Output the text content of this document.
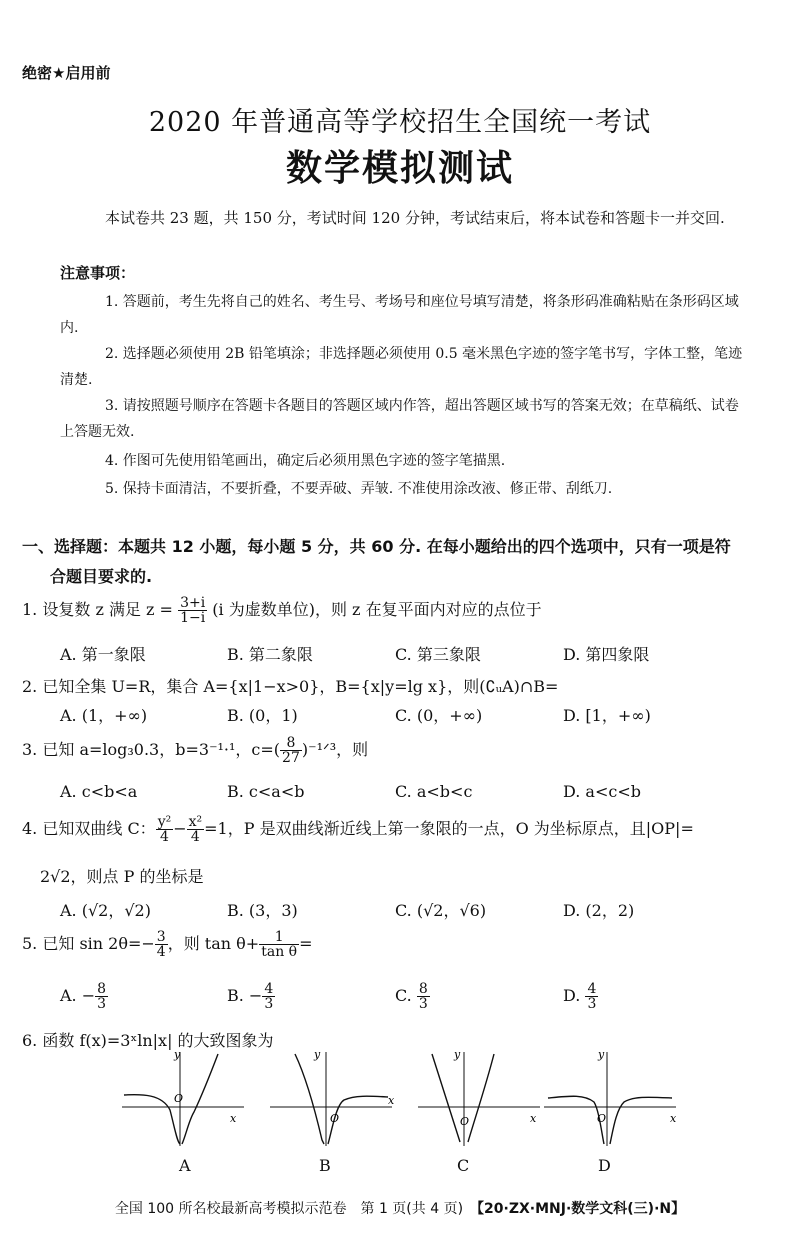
绝密★启用前
2020 年普通高等学校招生全国统一考试
数学模拟测试
本试卷共 23 题，共 150 分，考试时间 120 分钟，考试结束后，将本试卷和答题卡一并交回.
注意事项：
1. 答题前，考生先将自己的姓名、考生号、考场号和座位号填写清楚，将条形码准确粘贴在条形码区域内.
2. 选择题必须使用 2B 铅笔填涂；非选择题必须使用 0.5 毫米黑色字迹的签字笔书写，字体工整，笔迹清楚.
3. 请按照题号顺序在答题卡各题目的答题区域内作答，超出答题区域书写的答案无效；在草稿纸、试卷上答题无效.
4. 作图可先使用铅笔画出，确定后必须用黑色字迹的签字笔描黑.
5. 保持卡面清洁，不要折叠，不要弄破、弄皱. 不准使用涂改液、修正带、刮纸刀.
一、选择题：本题共 12 小题，每小题 5 分，共 60 分. 在每小题给出的四个选项中，只有一项是符
合题目要求的.
1. 设复数 z 满足 $z = \frac{3+i}{1-i} (i$ 为虚数单位)，则 z 在复平面内对应的点位于
A. 第一象限	B. 第二象限	C. 第三象限	D. 第四象限
2. 已知全集 U=R，集合 A={x|1−x>0}，B={x|y=lg x}，则(∁ᵤA)∩B=
A. (1，+∞)	B. (0，1)	C. (0，+∞)	D. [1，+∞)
3. 已知 a=log₃0.3，b=3⁻¹·¹，$c=( \frac{8}{27}$ )⁻¹ᐟ³，则
A. c<b<a	B. c<a<b	C. a<b<c	D. a<c<b
4. 已知双曲线 C： $\frac{\text{y²}}{4} - \frac{\text{x²}}{4} =1$，P 是双曲线渐近线上第一象限的一点，O 为坐标原点，且|OP|=
2√2，则点 P 的坐标是
A. (√2，√2)	B. (3，3)	C. (√2，√6)	D. (2，2)
5. 已知 $\sin 2\theta=- \frac{3}{4}$ ，则 $\tan \theta+ \frac{1}{\text{tan θ}}$ =
A. − $\frac{8}{3}$	B. − $\frac{4}{3}$	C. $\frac{8}{3}$	D. $\frac{4}{3}$
6. 函数 f(x)=3ˣln|x| 的大致图象为
O
x
y
A
O
x
y
B
O	x
y
C
O	x
y
D
全国 100 所名校最新高考模拟示范卷　第 1 页(共 4 页)　【20·ZX·MNJ·数学文科(三)·N】
